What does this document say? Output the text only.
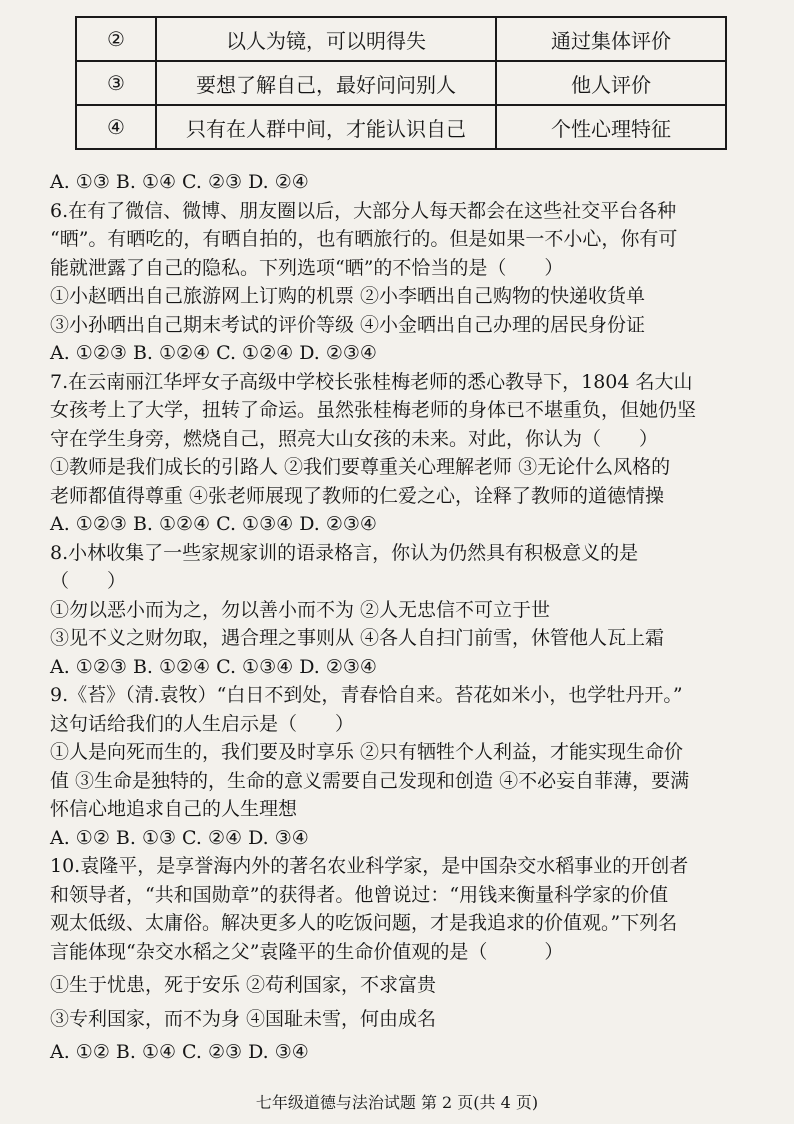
②	以人为镜，可以明得失	通过集体评价
③	要想了解自己，最好问问别人	他人评价
④	只有在人群中间，才能认识自己	个性心理特征
A. ①③ B. ①④ C. ②③ D. ②④
6.在有了微信、微博、朋友圈以后，大部分人每天都会在这些社交平台各种
“晒”。有晒吃的，有晒自拍的，也有晒旅行的。但是如果一不小心，你有可
能就泄露了自己的隐私。下列选项“晒”的不恰当的是（　　）
①小赵晒出自己旅游网上订购的机票 ②小李晒出自己购物的快递收货单
③小孙晒出自己期末考试的评价等级 ④小金晒出自己办理的居民身份证
A. ①②③ B. ①②④ C. ①②④ D. ②③④
7.在云南丽江华坪女子高级中学校长张桂梅老师的悉心教导下，1804 名大山
女孩考上了大学，扭转了命运。虽然张桂梅老师的身体已不堪重负，但她仍坚
守在学生身旁，燃烧自己，照亮大山女孩的未来。对此，你认为（　　）
①教师是我们成长的引路人 ②我们要尊重关心理解老师 ③无论什么风格的
老师都值得尊重 ④张老师展现了教师的仁爱之心，诠释了教师的道德情操
A. ①②③ B. ①②④ C. ①③④ D. ②③④
8.小林收集了一些家规家训的语录格言，你认为仍然具有积极意义的是
（　　）
①勿以恶小而为之，勿以善小而不为 ②人无忠信不可立于世
③见不义之财勿取，遇合理之事则从 ④各人自扫门前雪，休管他人瓦上霜
A. ①②③ B. ①②④ C. ①③④ D. ②③④
9.《苔》（清.袁牧）“白日不到处，青春恰自来。苔花如米小，也学牡丹开。”
这句话给我们的人生启示是（　　）
①人是向死而生的，我们要及时享乐 ②只有牺牲个人利益，才能实现生命价
值 ③生命是独特的，生命的意义需要自己发现和创造 ④不必妄自菲薄，要满
怀信心地追求自己的人生理想
A. ①② B. ①③ C. ②④ D. ③④
10.袁隆平，是享誉海内外的著名农业科学家，是中国杂交水稻事业的开创者
和领导者，“共和国勋章”的获得者。他曾说过：“用钱来衡量科学家的价值
观太低级、太庸俗。解决更多人的吃饭问题，才是我追求的价值观。”下列名
言能体现“杂交水稻之父”袁隆平的生命价值观的是（　　　）
①生于忧患，死于安乐 ②苟利国家，不求富贵
③专利国家，而不为身 ④国耻未雪，何由成名
A. ①② B. ①④ C. ②③ D. ③④
七年级道德与法治试题 第 2 页(共 4 页)
